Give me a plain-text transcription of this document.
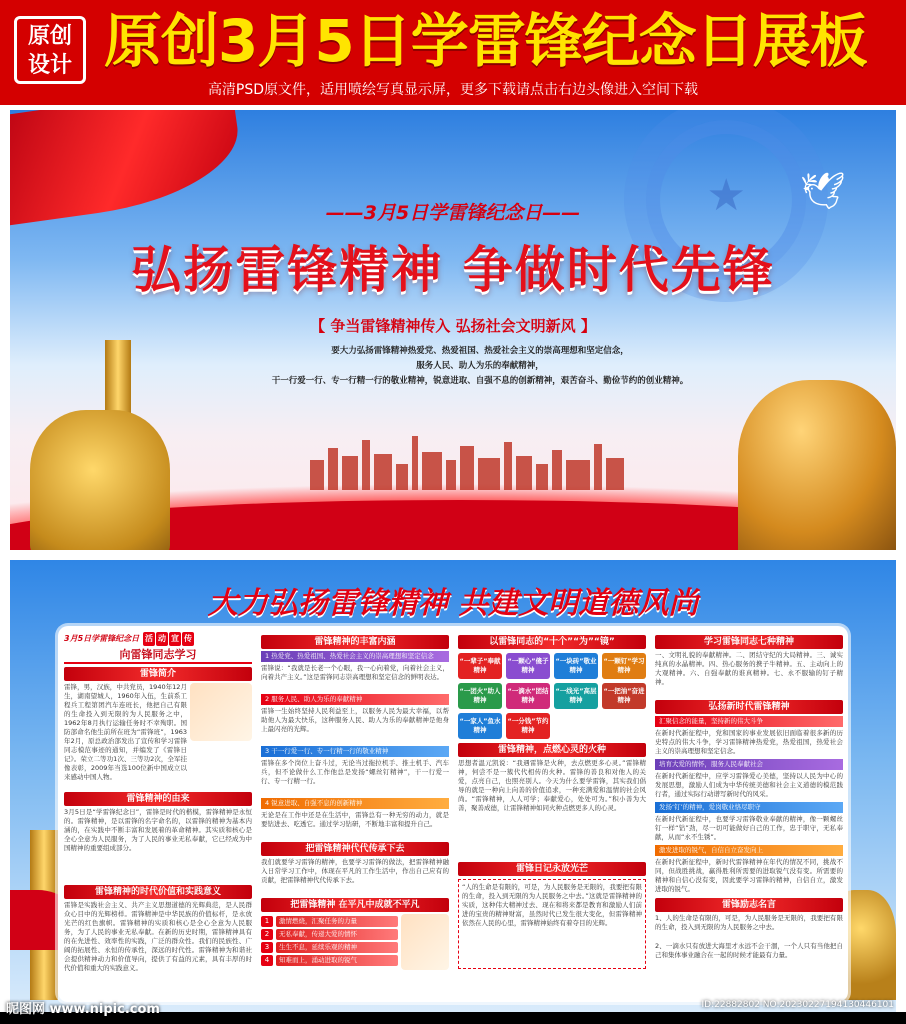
原创
设计 原创3月5日学雷锋纪念日展板
高清PSD原文件，适用喷绘写真显示屏，更多下载请点击右边头像进入空间下载
★ 🕊
——3月5日学雷锋纪念日——
弘扬雷锋精神 争做时代先锋
【 争当雷锋精神传入 弘扬社会文明新风 】
要大力弘扬雷锋精神热爱党、热爱祖国、热爱社会主义的崇高理想和坚定信念，
服务人民、助人为乐的奉献精神，
干一行爱一行、专一行精一行的敬业精神，锐意进取、自强不息的创新精神，艰苦奋斗、勤俭节约的创业精神。
大力弘扬雷锋精神 共建文明道德风尚
3月5日学雷锋纪念日 活 动 宣 传
向雷锋同志学习
雷锋简介
雷锋，男，汉族，中共党员，1940年12月生，湖南望城人，1960年入伍，生前系工程兵工程第团汽车连班长，他把自己有限的生命投入到无限的为人民服务之中，1962年8月执行运输任务时不幸殉职。国防部命名他生前所在班为“雷锋班”，1963年2月，原总政治部发出了宣传和学习雷锋同志模范事迹的通知，并编发了《雷锋日记》。荣立二等功1次、三等功2次，全军挂像表彰，2009年当选100位新中国成立以来感动中国人物。
雷锋精神的由来
3月5日是“学雷锋纪念日”，雷锋是时代的楷模，雷锋精神是永恒的。雷锋精神，是以雷锋的名字命名的，以雷锋的精神为基本内涵的，在实践中不断丰富和发展着的革命精神。其实质和核心是全心全意为人民服务，为了人民的事业无私奉献，它已经成为中国精神的重要组成部分。
雷锋精神的时代价值和实践意义
雷锋是实践社会主义、共产主义思想道德的光辉典范，是人民群众心目中的光辉榜样。雷锋精神是中华民族的价值标杆，是永放光芒的红色旗帜。雷锋精神的实质和核心是全心全意为人民服务，为了人民的事业无私奉献。在新的历史时期，雷锋精神具有的在先进性、效率性的实践，广泛的群众性。我们的民族性、广阔的拓展性、永恒的传承性，深远的时代性。雷锋精神为和谐社会提供精神动力和价值导向，提供了有益的元素，具有丰厚的时代价值和重大的实践意义。
雷锋精神的丰富内涵
1 热爱党、热爱祖国、热爱社会主义的崇高理想和坚定信念
雷锋说：“我就是长老一个心眼，我一心向着党，向着社会主义，向着共产主义。”这是雷锋同志崇高理想和坚定信念的鲜明表达。
2 服务人民、助人为乐的奉献精神
雷锋一生始终坚持人民利益至上，以服务人民为最大幸福，以帮助他人为最大快乐，这种服务人民、助人为乐的奉献精神是他身上最闪亮的光辉。
3 干一行爱一行、专一行精一行的敬业精神
雷锋在多个岗位上奋斗过，无论当过拖拉机手、推土机手、汽车兵，但不论做什么工作他总是发扬“螺丝钉精神”，干一行爱一行、专一行精一行。
4 锐意进取、自强不息的创新精神
无论是在工作中还是在生活中，雷锋总有一种无穷的动力，就是要钻进去、吃透它。通过学习钻研，不断地丰富和提升自己。
把雷锋精神代代传承下去
我们就要学习雷锋的精神，也要学习雷锋的做法，把雷锋精神融入日常学习工作中，体现在平凡的工作生活中，作出自己应有的贡献，把雷锋精神代代传承下去。
把雷锋精神 在平凡中成就不平凡
1	激情燃烧，汇聚任务的力量
2	无私奉献，传递大爱的情怀
3	生生不息，延续乐观的精神
4	知难而上，涌动进取的锐气
以雷锋同志的“十个”“为”“镜”
“一辈子”奉献精神
“一颗心”傻子精神
“一块砖”敬业精神
“一颗钉”学习精神
“一团火”助人精神
“一滴水”团结精神
“一线光”高层精神
“一把油”奋进精神
“一家人”鱼水精神
“一分钱”节约精神
雷锋精神，点燃心灵的火种
思想者温元凯说：“我遇雷锋是火种，去点燃更多心灵。”雷锋精神，何尝不是一簇代代相传的火种。雷锋的善良和对他人的关爱，点亮自己，也照亮别人。今天为什么要学雷锋，其实我们倡导的就是一种向上向善的价值追求，一种充满爱和温情的社会风尚。“雷锋精神，人人可学；奉献爱心，处处可为。”积小善为大善，聚善成德，让雷锋精神如同火种点燃更多人的心灵。
雷锋日记永放光芒
“人的生命是有限的，可是，为人民服务是无限的，我要把有限的生命，投入到无限的为人民服务之中去。”这就是雷锋精神的实质，这种伟大精神过去、现在和将来都是教育和激励人们前进的宝贵的精神财富，虽然时代已发生很大变化，但雷锋精神依然在人民的心里，雷锋精神始终有着夺目的光辉。
学习雷锋同志七种精神
一、文明礼貌的奉献精神。二、团结守纪的大局精神。三、诚实纯真的水晶精神。四、热心服务的携子牛精神。五、主动向上的大观精神。六、自强奉献的谁真精神。七、永不服输的钉子精神。
弘扬新时代雷锋精神
汇聚信念的能量，坚持新的伟大斗争
在新时代新征程中，党和国家的事业发展依旧面临着很多新的历史特点的伟大斗争，学习雷锋精神热爱党，热爱祖国，热爱社会主义的崇高理想和坚定信念。
培育大爱的情怀，服务人民奉献社会
在新时代新征程中，应学习雷锋爱心美德，坚持以人民为中心的发展思想，激励人们成为中华传统美德和社会主义道德的模范践行者，通过实际行动谱写新时代的风采。
发扬‘钉’的精神，爱岗敬业恪尽职守
在新时代新征程中，也要学习雷锋敬业奉献的精神，像一颗螺丝钉一样“钻”劲，尽一切可能做好自己的工作，忠于职守，无私奉献，从而“永不生锈”。
激发进取的锐气，自信自立奋发向上
在新时代新征程中，新时代雷锋精神在年代的情况不同，挑战不同，但战胜挑战，赢得胜利所需要的进取锐气没有变。所需要的精神和自信心没有变，因此要学习雷锋的精神，自信自立，激发进取的锐气。
雷锋励志名言
1、人的生命是有限的，可是，为人民服务是无限的，我要把有限的生命，投入到无限的为人民服务之中去。
2、一滴水只有放进大海里才永远不会干涸，一个人只有当他把自己和集体事业融合在一起的时候才能最有力量。
昵图网 www.nipic.com	ID:22882802 NO:20230227194130446101
